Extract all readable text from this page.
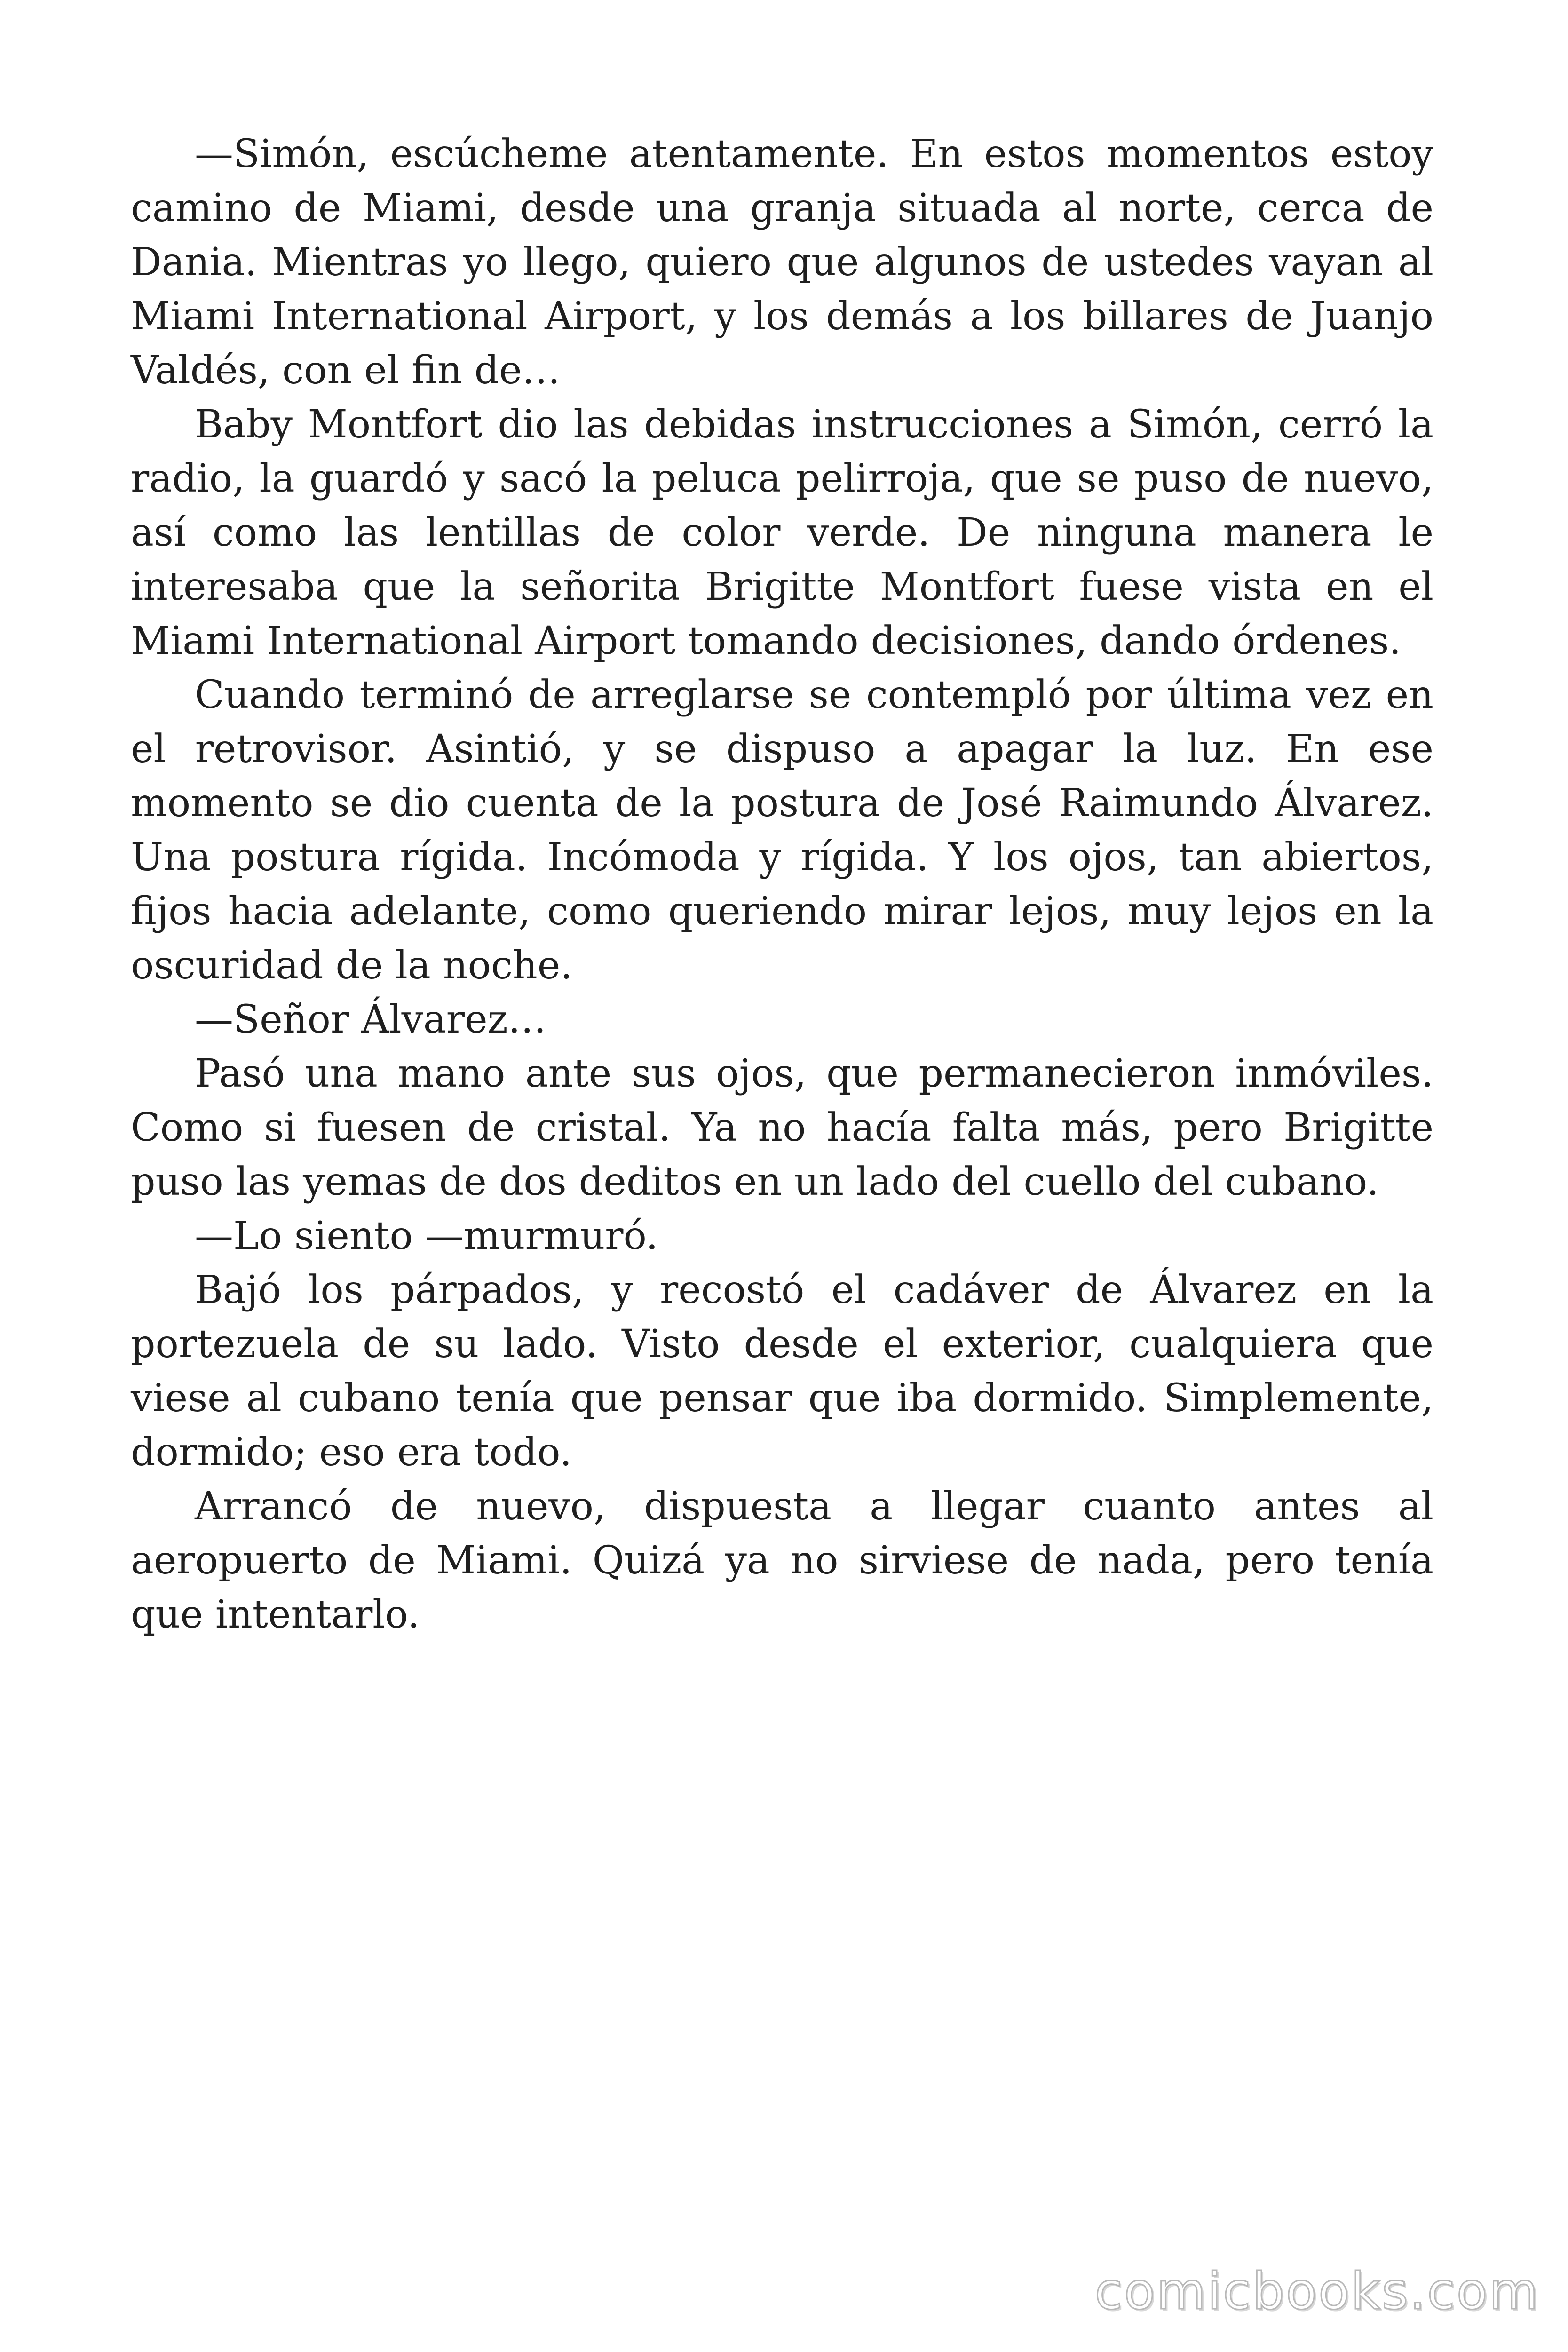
—Simón, escúcheme atentamente. En estos momentos estoy camino de Miami, desde una granja situada al norte, cerca de Dania. Mientras yo llego, quiero que algunos de ustedes vayan al Miami International Airport, y los demás a los billares de Juanjo Valdés, con el fin de…

Baby Montfort dio las debidas instrucciones a Simón, cerró la radio, la guardó y sacó la peluca pelirroja, que se puso de nuevo, así como las lentillas de color verde. De ninguna manera le interesaba que la señorita Brigitte Montfort fuese vista en el Miami International Airport tomando decisiones, dando órdenes.

Cuando terminó de arreglarse se contempló por última vez en el retrovisor. Asintió, y se dispuso a apagar la luz. En ese momento se dio cuenta de la postura de José Raimundo Álvarez. Una postura rígida. Incómoda y rígida. Y los ojos, tan abiertos, fijos hacia adelante, como queriendo mirar lejos, muy lejos en la oscuridad de la noche.

—Señor Álvarez…

Pasó una mano ante sus ojos, que permanecieron inmóviles. Como si fuesen de cristal. Ya no hacía falta más, pero Brigitte puso las yemas de dos deditos en un lado del cuello del cubano.

—Lo siento —murmuró.

Bajó los párpados, y recostó el cadáver de Álvarez en la portezuela de su lado. Visto desde el exterior, cualquiera que viese al cubano tenía que pensar que iba dormido. Simplemente, dormido; eso era todo.

Arrancó de nuevo, dispuesta a llegar cuanto antes al aeropuerto de Miami. Quizá ya no sirviese de nada, pero tenía que intentarlo.

comicbooks.com
